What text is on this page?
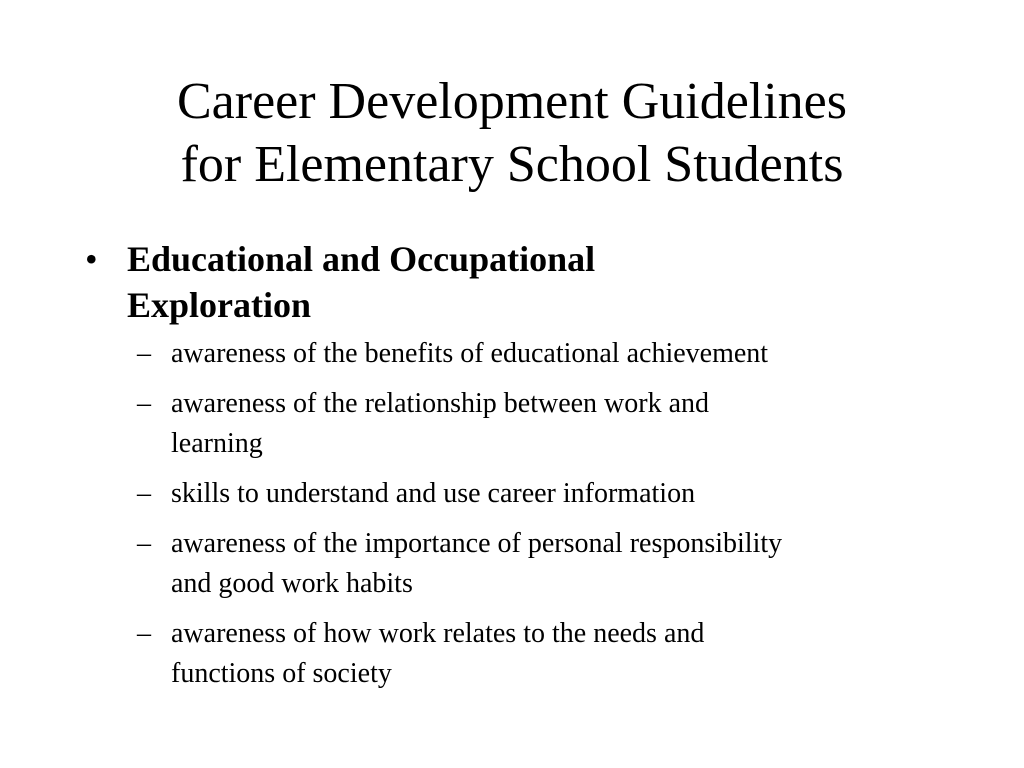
Career Development Guidelines
for Elementary School Students
• Educational and Occupational
Exploration
– awareness of the benefits of educational achievement
– awareness of the relationship between work and
learning
– skills to understand and use career information
– awareness of the importance of personal responsibility
and good work habits
– awareness of how work relates to the needs and
functions of society
